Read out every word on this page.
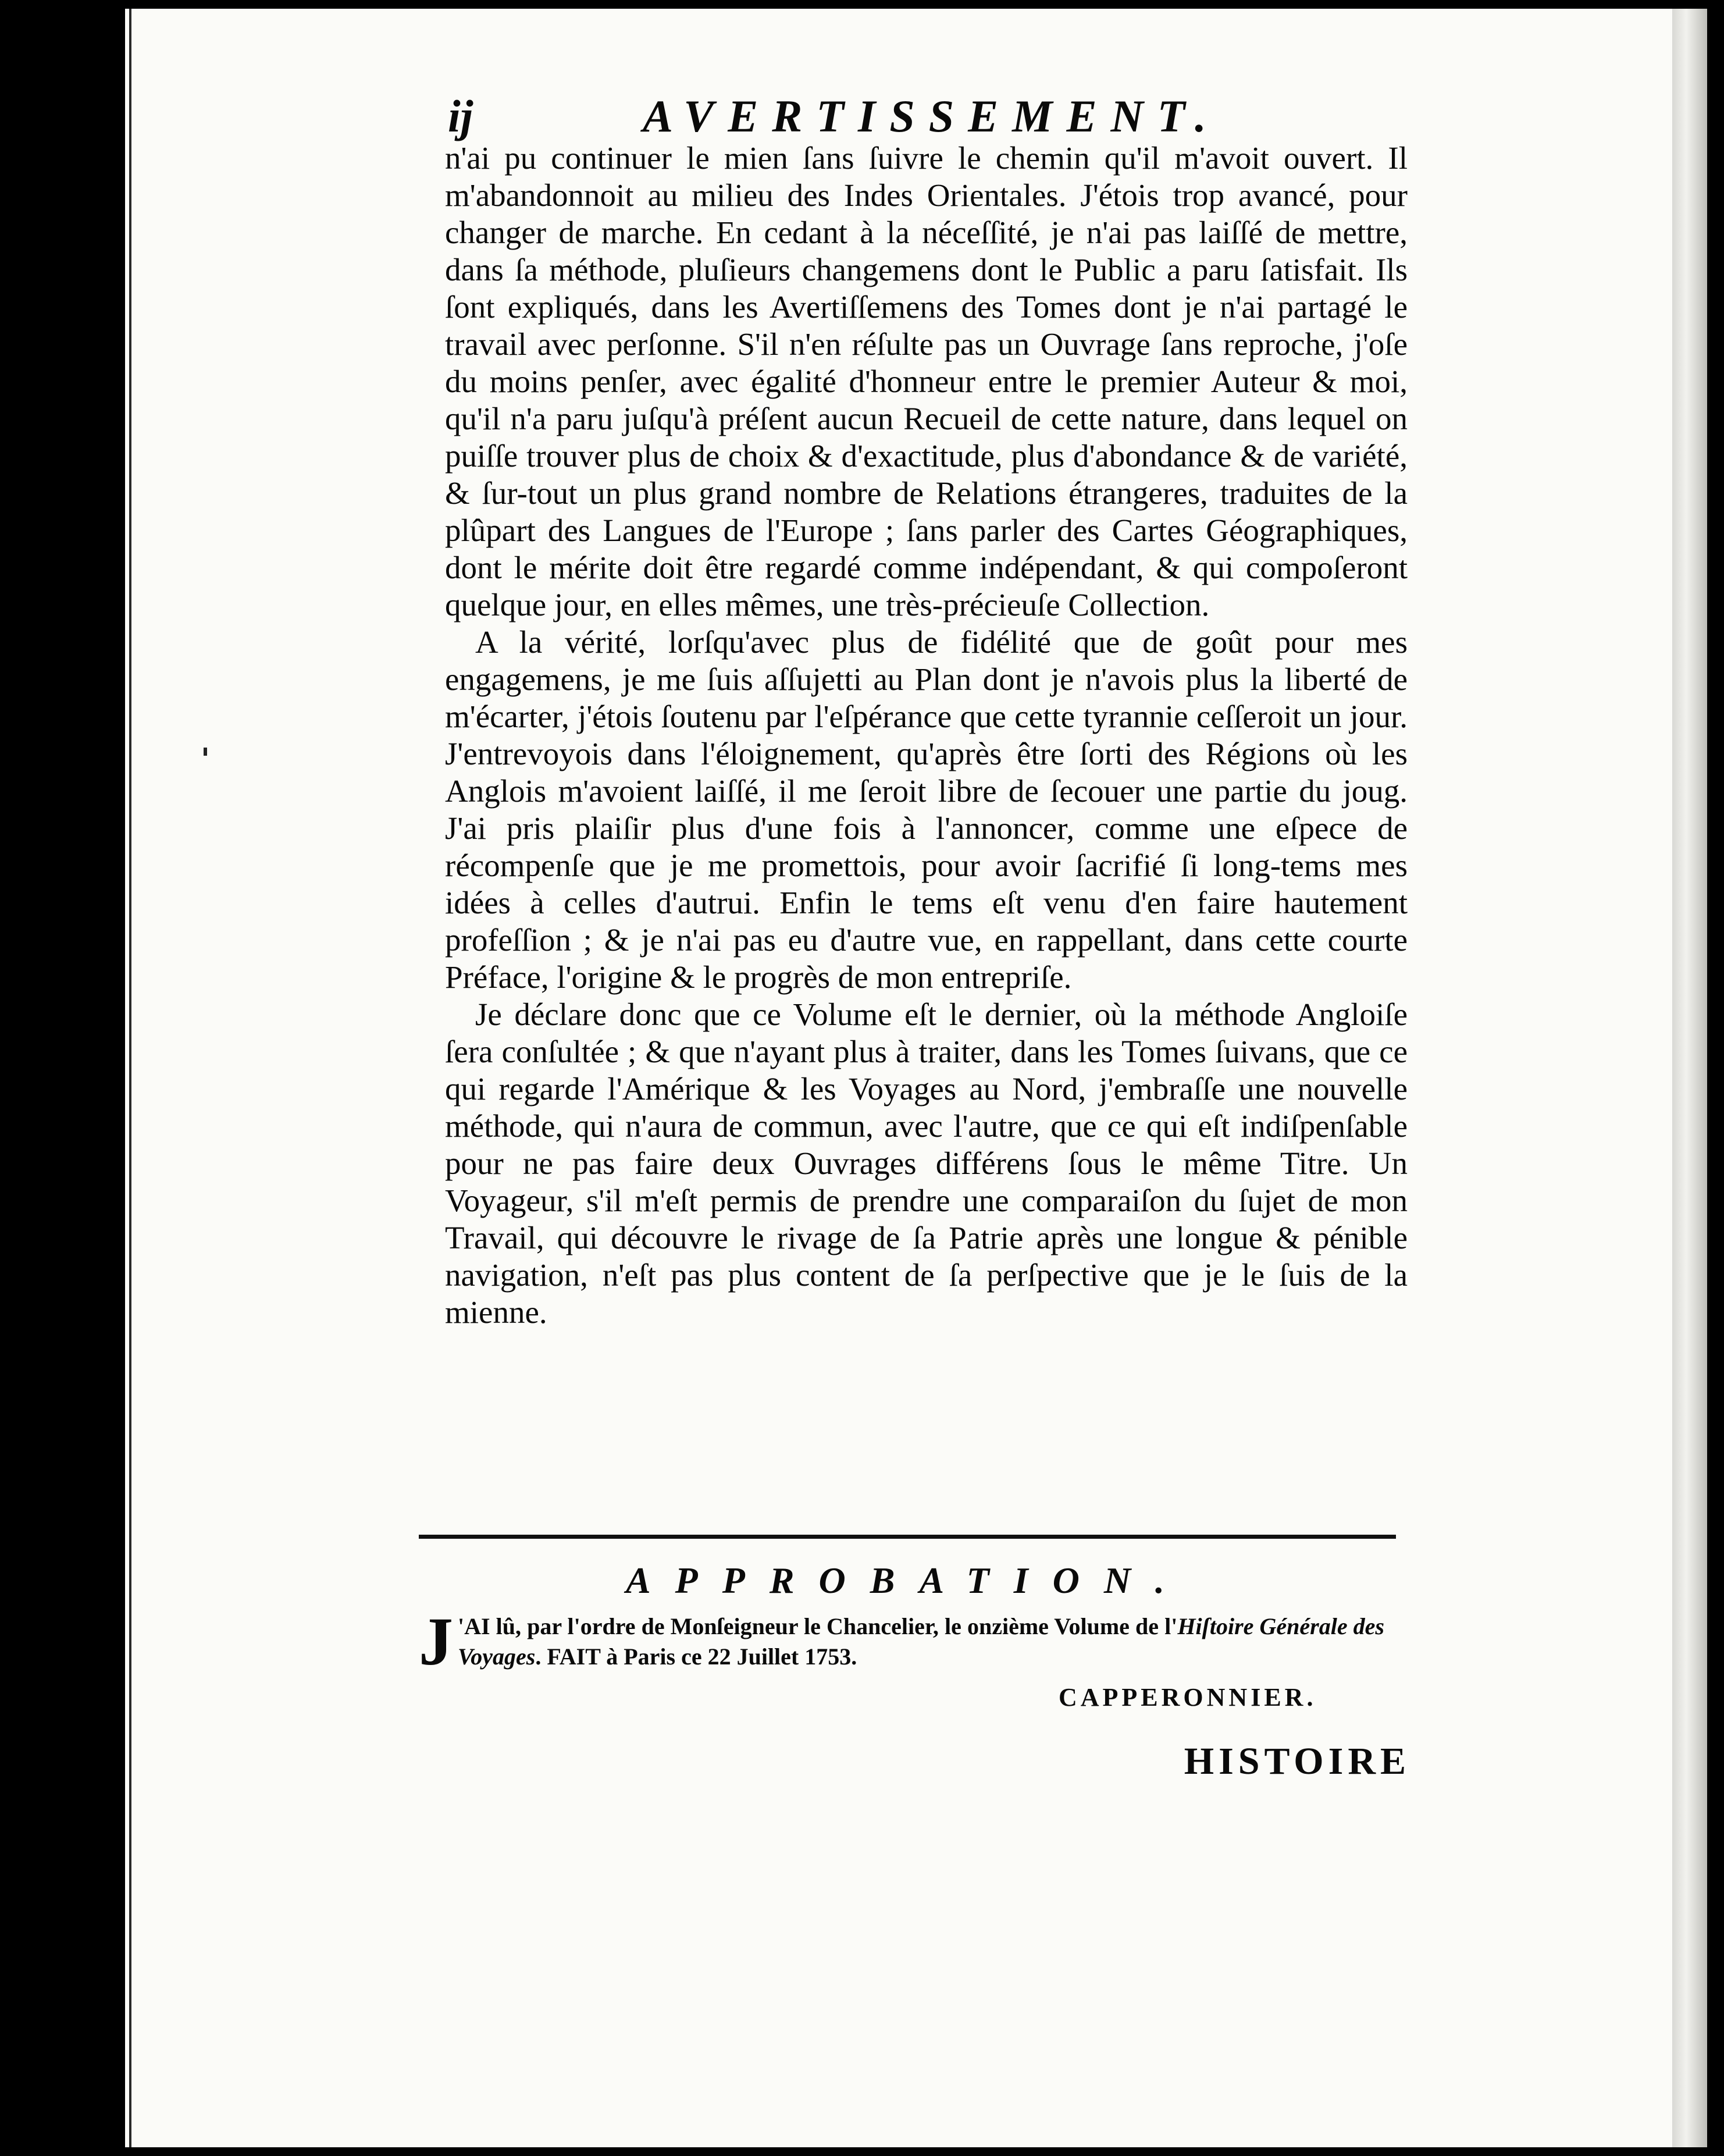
ij	AVERTISSEMENT.

n'ai pu continuer le mien ſans ſuivre le chemin qu'il m'avoit ouvert. Il m'abandonnoit au milieu des Indes Orientales. J'étois trop avancé, pour changer de marche. En cedant à la néceſſité, je n'ai pas laiſſé de mettre, dans ſa méthode, pluſieurs changemens dont le Public a paru ſatisfait. Ils ſont expliqués, dans les Avertiſſemens des Tomes dont je n'ai partagé le travail avec perſonne. S'il n'en réſulte pas un Ouvrage ſans reproche, j'oſe du moins penſer, avec égalité d'honneur entre le premier Auteur & moi, qu'il n'a paru juſqu'à préſent aucun Recueil de cette nature, dans lequel on puiſſe trouver plus de choix & d'exactitude, plus d'abondance & de variété, & ſur-tout un plus grand nombre de Relations étrangeres, traduites de la plûpart des Langues de l'Europe ; ſans parler des Cartes Géographiques, dont le mérite doit être regardé comme indépendant, & qui compoſeront quelque jour, en elles mêmes, une très-précieuſe Collection.

A la vérité, lorſqu'avec plus de fidélité que de goût pour mes engagemens, je me ſuis aſſujetti au Plan dont je n'avois plus la liberté de m'écarter, j'étois ſoutenu par l'eſpérance que cette tyrannie ceſſeroit un jour. J'entrevoyois dans l'éloignement, qu'après être ſorti des Régions où les Anglois m'avoient laiſſé, il me ſeroit libre de ſecouer une partie du joug. J'ai pris plaiſir plus d'une fois à l'annoncer, comme une eſpece de récompenſe que je me promettois, pour avoir ſacrifié ſi long-tems mes idées à celles d'autrui. Enfin le tems eſt venu d'en faire hautement profeſſion ; & je n'ai pas eu d'autre vue, en rappellant, dans cette courte Préface, l'origine & le progrès de mon entrepriſe.

Je déclare donc que ce Volume eſt le dernier, où la méthode Angloiſe ſera conſultée ; & que n'ayant plus à traiter, dans les Tomes ſuivans, que ce qui regarde l'Amérique & les Voyages au Nord, j'embraſſe une nouvelle méthode, qui n'aura de commun, avec l'autre, que ce qui eſt indiſpenſable pour ne pas faire deux Ouvrages différens ſous le même Titre. Un Voyageur, s'il m'eſt permis de prendre une comparaiſon du ſujet de mon Travail, qui découvre le rivage de ſa Patrie après une longue & pénible navigation, n'eſt pas plus content de ſa perſpective que je le ſuis de la mienne.

APPROBATION.
J 'AI lû, par l'ordre de Monſeigneur le Chancelier, le onzième Volume de l'Hiſtoire Générale des Voyages. FAIT à Paris ce 22 Juillet 1753.
CAPPERONNIER.
HISTOIRE
